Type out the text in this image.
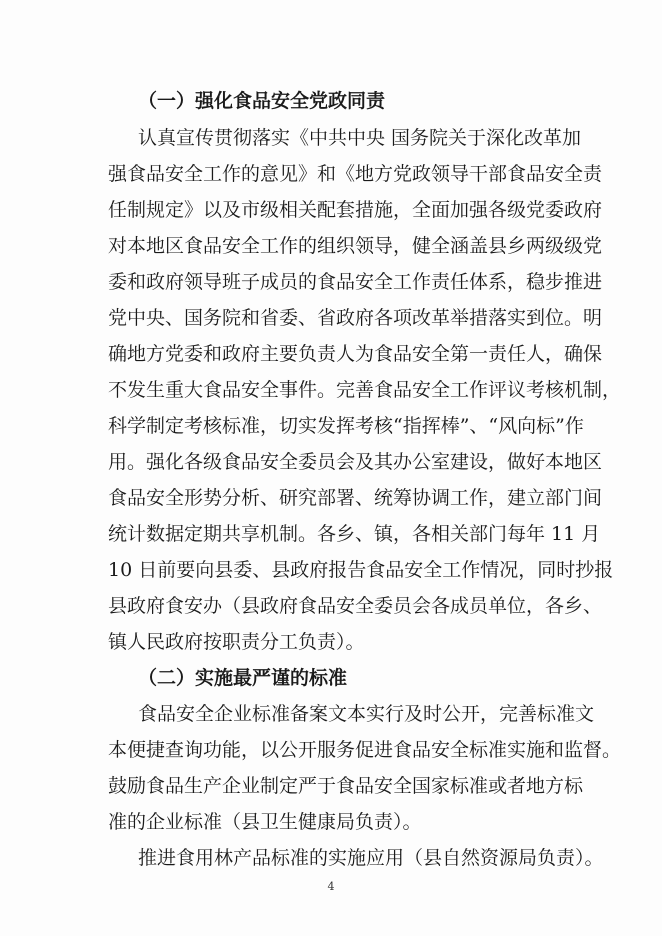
（一）强化食品安全党政同责
认真宣传贯彻落实《中共中央 国务院关于深化改革加
强食品安全工作的意见》和《地方党政领导干部食品安全责
任制规定》以及市级相关配套措施，全面加强各级党委政府
对本地区食品安全工作的组织领导，健全涵盖县乡两级级党
委和政府领导班子成员的食品安全工作责任体系，稳步推进
党中央、国务院和省委、省政府各项改革举措落实到位。明
确地方党委和政府主要负责人为食品安全第一责任人，确保
不发生重大食品安全事件。完善食品安全工作评议考核机制，
科学制定考核标准，切实发挥考核“指挥棒”、“风向标”作
用。强化各级食品安全委员会及其办公室建设，做好本地区
食品安全形势分析、研究部署、统筹协调工作，建立部门间
统计数据定期共享机制。各乡、镇，各相关部门每年 11 月
10 日前要向县委、县政府报告食品安全工作情况，同时抄报
县政府食安办（县政府食品安全委员会各成员单位，各乡、
镇人民政府按职责分工负责）。
（二）实施最严谨的标准
食品安全企业标准备案文本实行及时公开，完善标准文
本便捷查询功能，以公开服务促进食品安全标准实施和监督。
鼓励食品生产企业制定严于食品安全国家标准或者地方标
准的企业标准（县卫生健康局负责）。
推进食用林产品标准的实施应用（县自然资源局负责）。
4
